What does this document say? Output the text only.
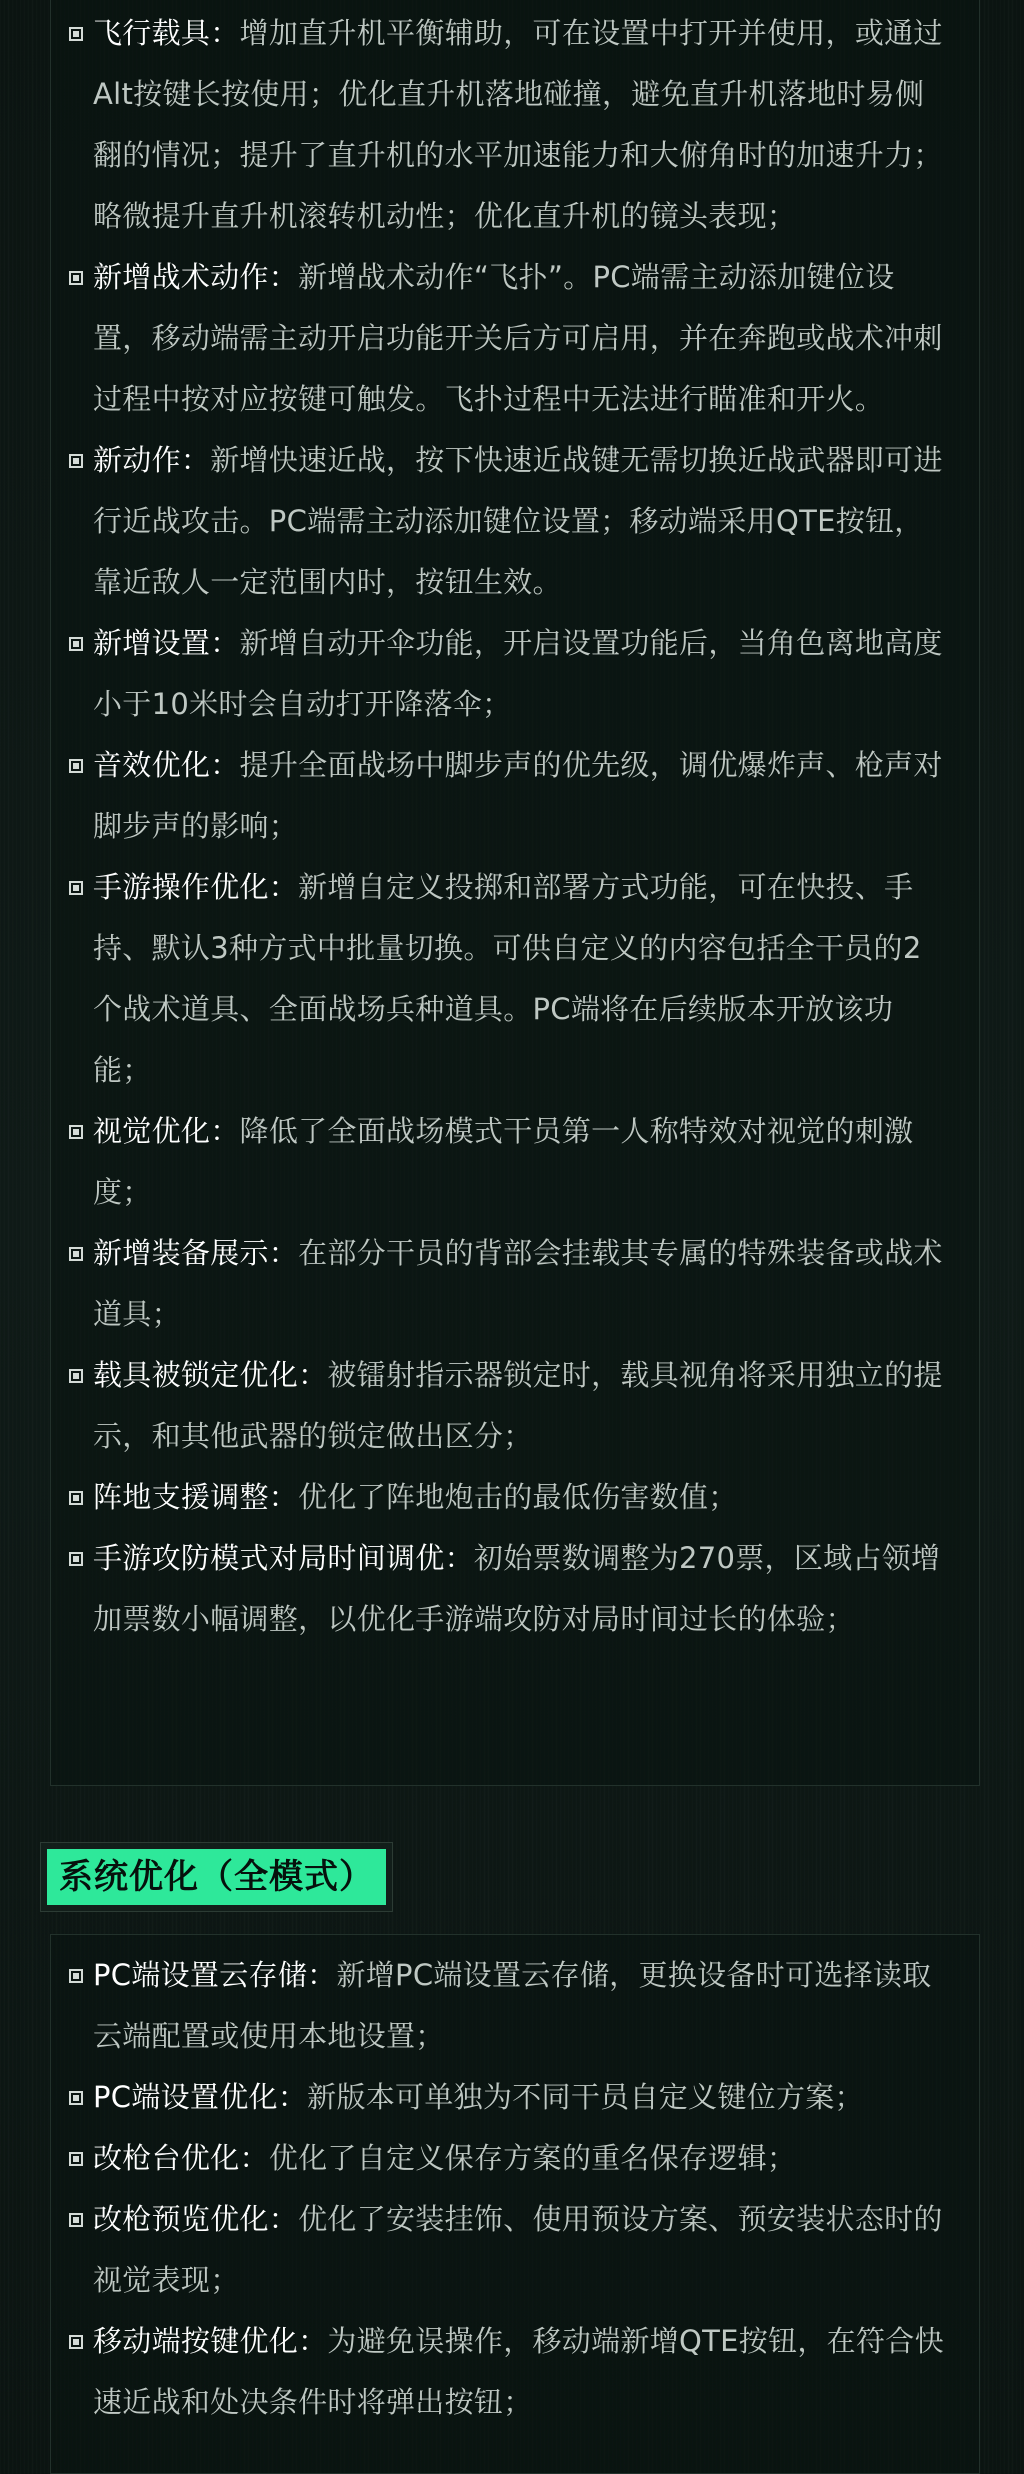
飞行载具：增加直升机平衡辅助，可在设置中打开并使用，或通过Alt按键长按使用；优化直升机落地碰撞，避免直升机落地时易侧翻的情况；提升了直升机的水平加速能力和大俯角时的加速升力；略微提升直升机滚转机动性；优化直升机的镜头表现；
新增战术动作：新增战术动作“飞扑”。PC端需主动添加键位设置，移动端需主动开启功能开关后方可启用，并在奔跑或战术冲刺过程中按对应按键可触发。飞扑过程中无法进行瞄准和开火。
新动作：新增快速近战，按下快速近战键无需切换近战武器即可进行近战攻击。PC端需主动添加键位设置；移动端采用QTE按钮，靠近敌人一定范围内时，按钮生效。
新增设置：新增自动开伞功能，开启设置功能后，当角色离地高度小于10米时会自动打开降落伞；
音效优化：提升全面战场中脚步声的优先级，调优爆炸声、枪声对脚步声的影响；
手游操作优化：新增自定义投掷和部署方式功能，可在快投、手持、默认3种方式中批量切换。可供自定义的内容包括全干员的2个战术道具、全面战场兵种道具。PC端将在后续版本开放该功能；
视觉优化：降低了全面战场模式干员第一人称特效对视觉的刺激度；
新增装备展示：在部分干员的背部会挂载其专属的特殊装备或战术道具；
载具被锁定优化：被镭射指示器锁定时，载具视角将采用独立的提示，和其他武器的锁定做出区分；
阵地支援调整：优化了阵地炮击的最低伤害数值；
手游攻防模式对局时间调优：初始票数调整为270票，区域占领增加票数小幅调整，以优化手游端攻防对局时间过长的体验；
系统优化（全模式）
PC端设置云存储：新增PC端设置云存储，更换设备时可选择读取云端配置或使用本地设置；
PC端设置优化：新版本可单独为不同干员自定义键位方案；
改枪台优化：优化了自定义保存方案的重名保存逻辑；
改枪预览优化：优化了安装挂饰、使用预设方案、预安装状态时的视觉表现；
移动端按键优化：为避免误操作，移动端新增QTE按钮，在符合快速近战和处决条件时将弹出按钮；
